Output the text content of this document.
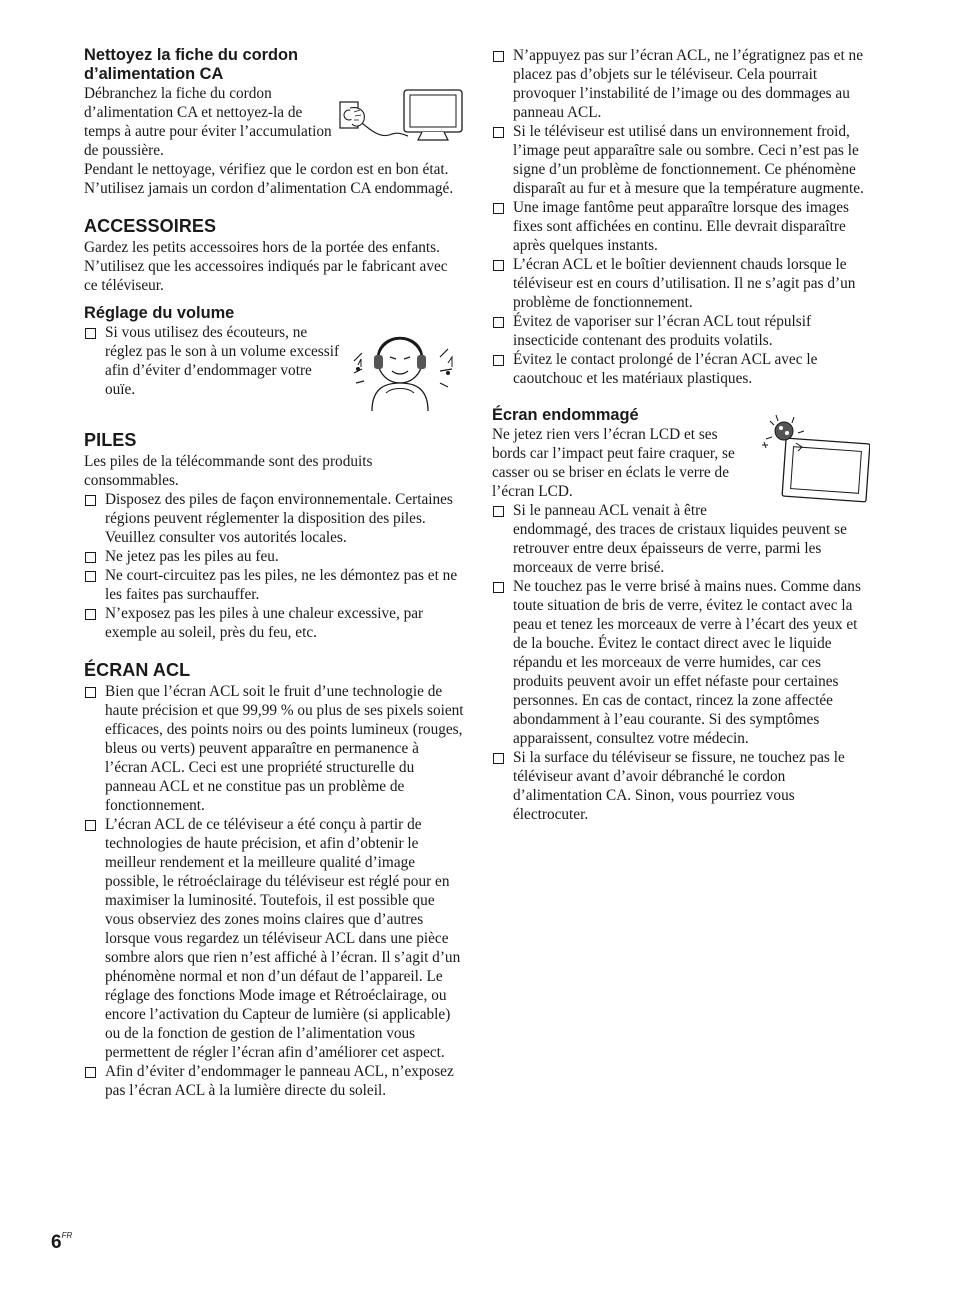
Nettoyez la fiche du cordon
d’alimentation CA

Débranchez la fiche du cordon d’alimentation CA et nettoyez-la de temps à autre pour éviter l’accumulation de poussière.

Pendant le nettoyage, vérifiez que le cordon est en bon état. N’utilisez jamais un cordon d’alimentation CA endommagé.

ACCESSOIRES

Gardez les petits accessoires hors de la portée des enfants. N’utilisez que les accessoires indiqués par le fabricant avec ce téléviseur.

Réglage du volume
Si vous utilisez des écouteurs, ne réglez pas le son à un volume excessif afin d’éviter d’endommager votre ouïe.
PILES

Les piles de la télécommande sont des produits consommables.

Disposez des piles de façon environnementale. Certaines régions peuvent réglementer la disposition des piles. Veuillez consulter vos autorités locales.
Ne jetez pas les piles au feu.
Ne court-circuitez pas les piles, ne les démontez pas et ne les faites pas surchauffer.
N’exposez pas les piles à une chaleur excessive, par exemple au soleil, près du feu, etc.
ÉCRAN ACL
Bien que l’écran ACL soit le fruit d’une technologie de haute précision et que 99,99 % ou plus de ses pixels soient efficaces, des points noirs ou des points lumineux (rouges, bleus ou verts) peuvent apparaître en permanence à l’écran ACL. Ceci est une propriété structurelle du panneau ACL et ne constitue pas un problème de fonctionnement.
L’écran ACL de ce téléviseur a été conçu à partir de technologies de haute précision, et afin d’obtenir le meilleur rendement et la meilleure qualité d’image possible, le rétroéclairage du téléviseur est réglé pour en maximiser la luminosité. Toutefois, il est possible que vous observiez des zones moins claires que d’autres lorsque vous regardez un téléviseur ACL dans une pièce sombre alors que rien n’est affiché à l’écran. Il s’agit d’un phénomène normal et non d’un défaut de l’appareil. Le réglage des fonctions Mode image et Rétroéclairage, ou encore l’activation du Capteur de lumière (si applicable) ou de la fonction de gestion de l’alimentation vous permettent de régler l’écran afin d’améliorer cet aspect.
Afin d’éviter d’endommager le panneau ACL, n’exposez pas l’écran ACL à la lumière directe du soleil.
N’appuyez pas sur l’écran ACL, ne l’égratignez pas et ne placez pas d’objets sur le téléviseur. Cela pourrait provoquer l’instabilité de l’image ou des dommages au panneau ACL.
Si le téléviseur est utilisé dans un environnement froid, l’image peut apparaître sale ou sombre. Ceci n’est pas le signe d’un problème de fonctionnement. Ce phénomène disparaît au fur et à mesure que la température augmente.
Une image fantôme peut apparaître lorsque des images fixes sont affichées en continu. Elle devrait disparaître après quelques instants.
L’écran ACL et le boîtier deviennent chauds lorsque le téléviseur est en cours d’utilisation. Il ne s’agit pas d’un problème de fonctionnement.
Évitez de vaporiser sur l’écran ACL tout répulsif insecticide contenant des produits volatils.
Évitez le contact prolongé de l’écran ACL avec le caoutchouc et les matériaux plastiques.
Écran endommagé

Ne jetez rien vers l’écran LCD et ses bords car l’impact peut faire craquer, se casser ou se briser en éclats le verre de l’écran LCD.

Si le panneau ACL venait à être endommagé, des traces de cristaux liquides peuvent se retrouver entre deux épaisseurs de verre, parmi les morceaux de verre brisé.
Ne touchez pas le verre brisé à mains nues. Comme dans toute situation de bris de verre, évitez le contact avec la peau et tenez les morceaux de verre à l’écart des yeux et de la bouche. Évitez le contact direct avec le liquide répandu et les morceaux de verre humides, car ces produits peuvent avoir un effet néfaste pour certaines personnes. En cas de contact, rincez la zone affectée abondamment à l’eau courante. Si des symptômes apparaissent, consultez votre médecin.
Si la surface du téléviseur se fissure, ne touchez pas le téléviseur avant d’avoir débranché le cordon d’alimentation CA. Sinon, vous pourriez vous électrocuter.
$6^{FR}$
